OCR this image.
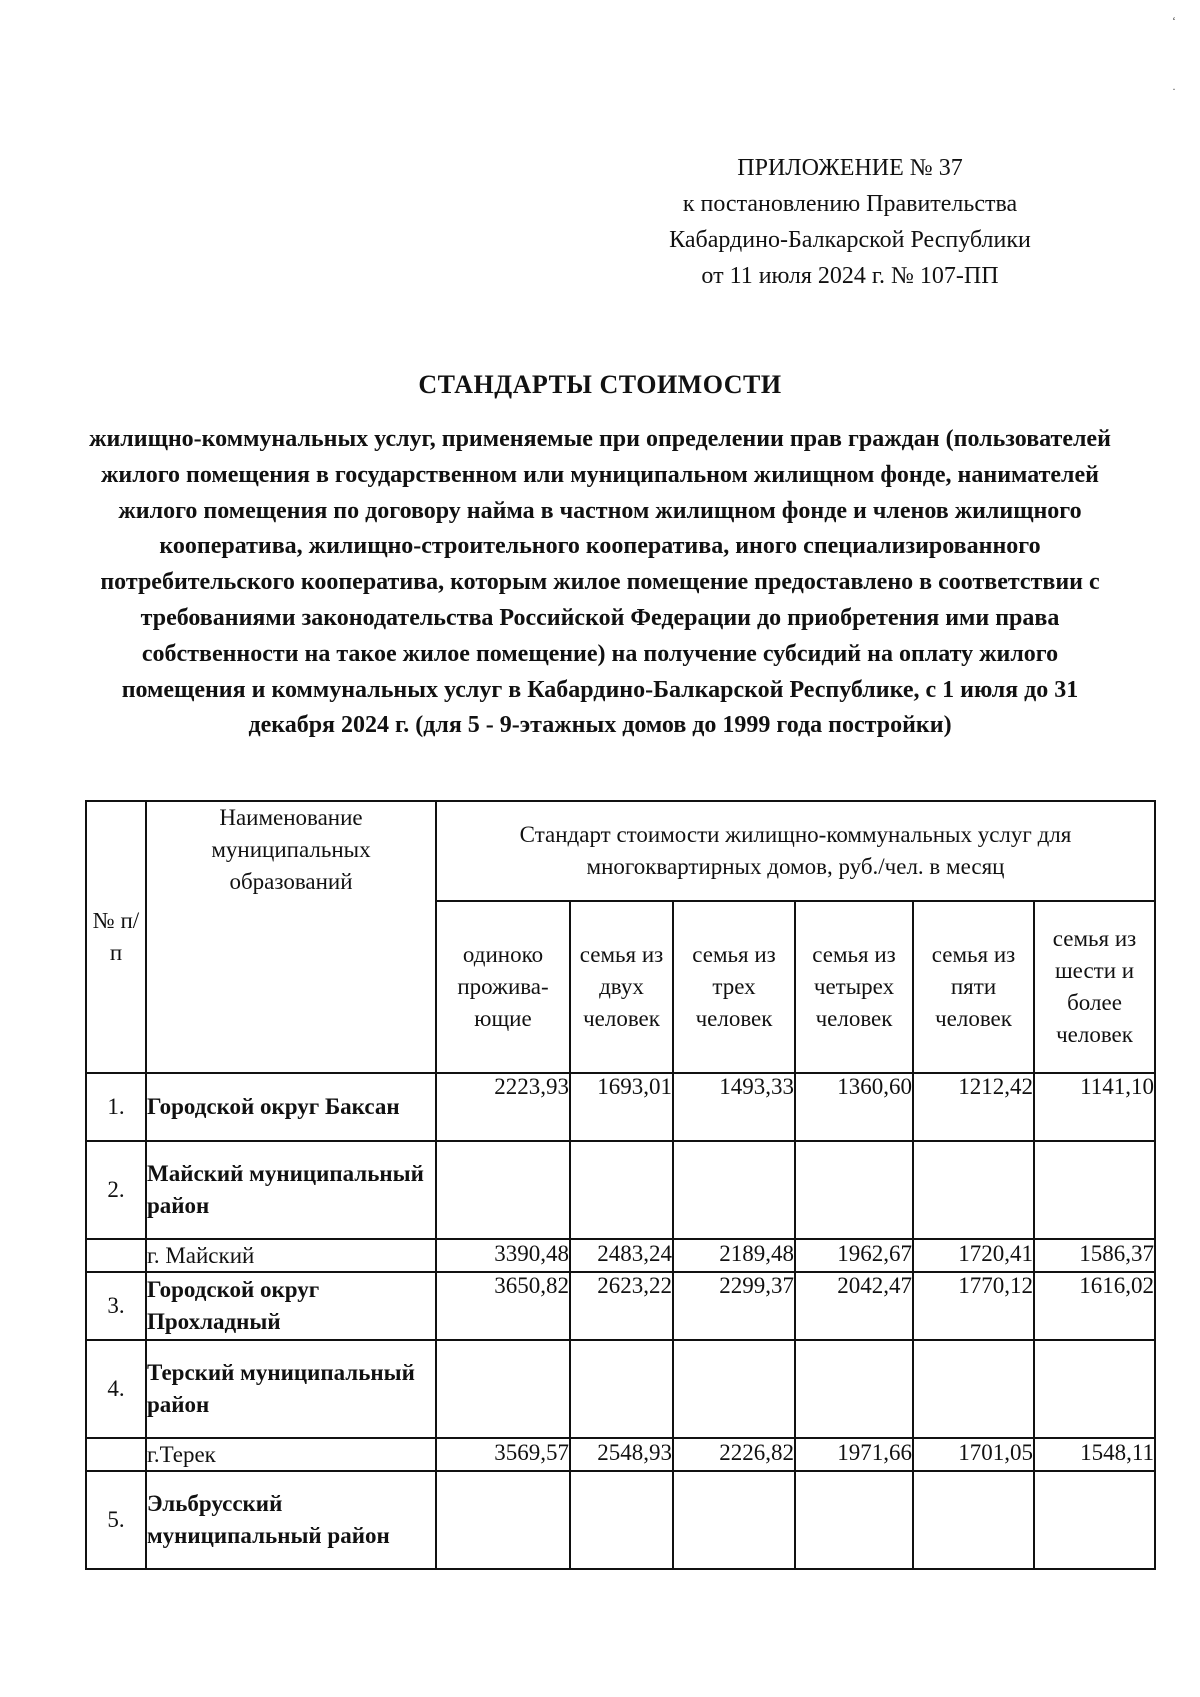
‘
·
ПРИЛОЖЕНИЕ № 37
к постановлению Правительства
Кабардино-Балкарской Республики
от 11 июля 2024 г. № 107-ПП
СТАНДАРТЫ СТОИМОСТИ
жилищно-коммунальных услуг, применяемые при определении прав граждан (пользователей жилого помещения в государственном или муниципальном жилищном фонде, нанимателей жилого помещения по договору найма в частном жилищном фонде и членов жилищного кооператива, жилищно-строительного кооператива, иного специализированного потребительского кооператива, которым жилое помещение предоставлено в соответствии с требованиями законодательства Российской Федерации до приобретения ими права собственности на такое жилое помещение) на получение субсидий на оплату жилого помещения и коммунальных услуг в Кабардино-Балкарской Республике, с 1 июля до 31 декабря 2024 г. (для 5 - 9-этажных домов до 1999 года постройки)
№ п/п	Наименование муниципальных образований	Стандарт стоимости жилищно-коммунальных услуг для многоквартирных домов, руб./чел. в месяц					
		одиноко прожива-ющие	семья из двух человек	семья из трех человек	семья из четырех человек	семья из пяти человек	семья из шести и более человек
1.	Городской округ Баксан	2223,93	1693,01	1493,33	1360,60	1212,42	1141,10
2.	Майский муниципальный район						
	г. Майский	3390,48	2483,24	2189,48	1962,67	1720,41	1586,37
3.	Городской округ Прохладный	3650,82	2623,22	2299,37	2042,47	1770,12	1616,02
4.	Терский муниципальный район						
	г.Терек	3569,57	2548,93	2226,82	1971,66	1701,05	1548,11
5.	Эльбрусский муниципальный район						
